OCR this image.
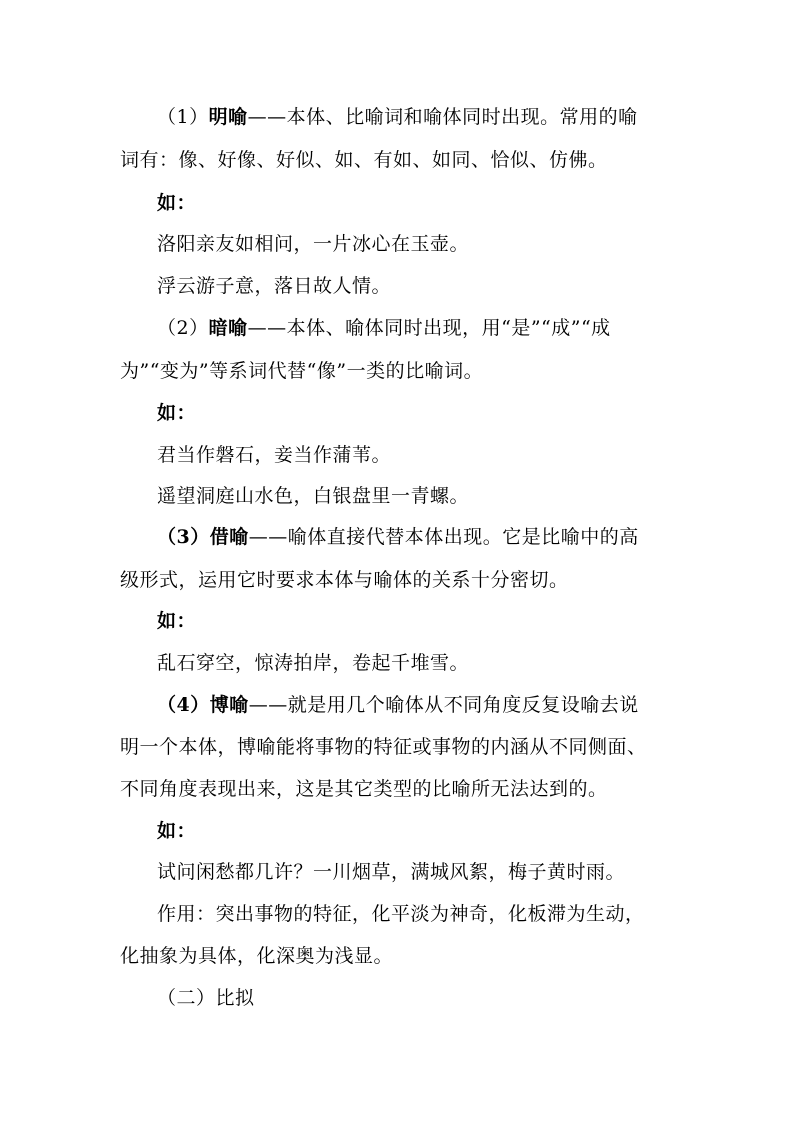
（1）明喻——本体、比喻词和喻体同时出现。常用的喻

词有：像、好像、好似、如、有如、如同、恰似、仿佛。

如：

洛阳亲友如相问，一片冰心在玉壶。

浮云游子意，落日故人情。

（2）暗喻——本体、喻体同时出现，用“是”“成”“成

为”“变为”等系词代替“像”一类的比喻词。

如：

君当作磐石，妾当作蒲苇。

遥望洞庭山水色，白银盘里一青螺。

（3）借喻——喻体直接代替本体出现。它是比喻中的高

级形式，运用它时要求本体与喻体的关系十分密切。

如：

乱石穿空，惊涛拍岸，卷起千堆雪。

（4）博喻——就是用几个喻体从不同角度反复设喻去说

明一个本体，博喻能将事物的特征或事物的内涵从不同侧面、

不同角度表现出来，这是其它类型的比喻所无法达到的。

如：

试问闲愁都几许？一川烟草，满城风絮，梅子黄时雨。

作用：突出事物的特征，化平淡为神奇，化板滞为生动，

化抽象为具体，化深奥为浅显。

（二）比拟
